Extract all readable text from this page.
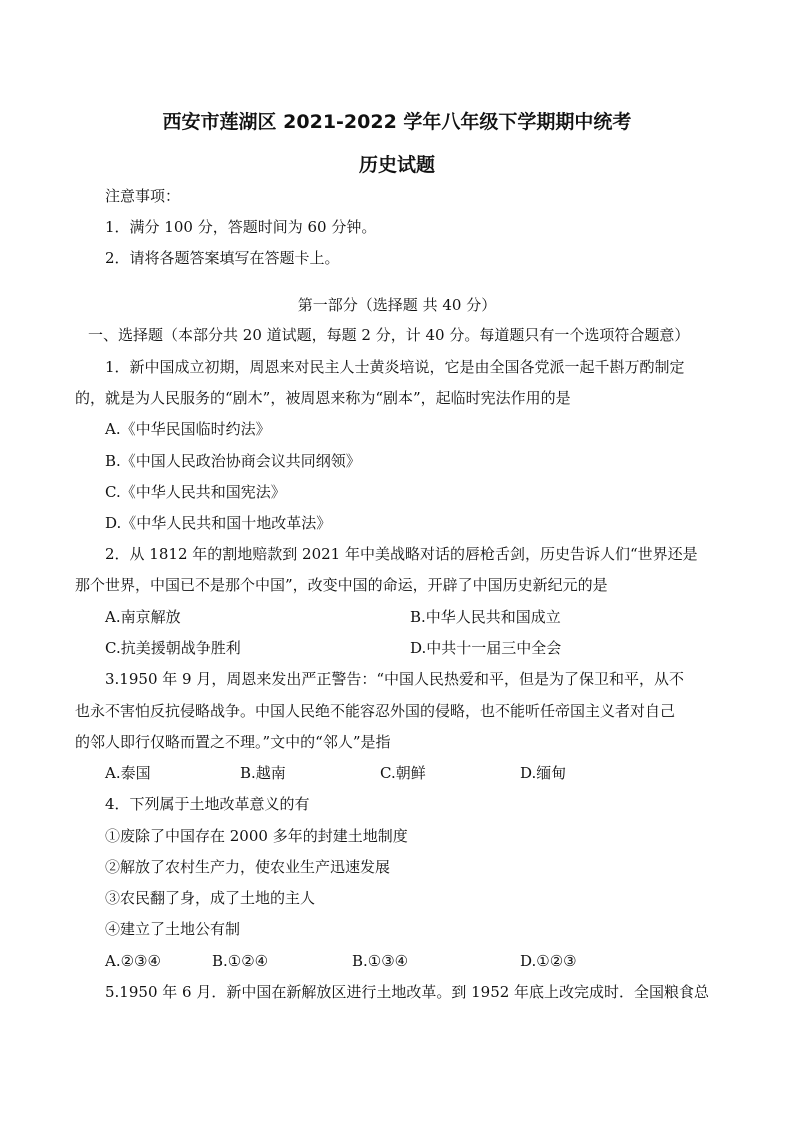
西安市莲湖区 2021-2022 学年八年级下学期期中统考
历史试题
注意事项：
1．满分 100 分，答题时间为 60 分钟。
2．请将各题答案填写在答题卡上。
第一部分（选择题 共 40 分）
一、选择题（本部分共 20 道试题，每题 2 分，计 40 分。每道题只有一个选项符合题意）
1．新中国成立初期，周恩来对民主人士黄炎培说，它是由全国各党派一起千斟万酌制定
的，就是为人民服务的“剧木”，被周恩来称为“剧本”，起临时宪法作用的是
A.《中华民国临时约法》
B.《中国人民政治协商会议共同纲领》
C.《中华人民共和国宪法》
D.《中华人民共和国十地改革法》
2．从 1812 年的割地赔款到 2021 年中美战略对话的唇枪舌剑，历史告诉人们“世界还是
那个世界，中国已不是那个中国”，改变中国的命运，开辟了中国历史新纪元的是
A.南京解放	B.中华人民共和国成立
C.抗美援朝战争胜利	D.中共十一届三中全会
3.1950 年 9 月，周恩来发出严正警告：“中国人民热爱和平，但是为了保卫和平，从不
也永不害怕反抗侵略战争。中国人民绝不能容忍外国的侵略，也不能听任帝国主义者对自己
的邻人即行仅略而置之不理。”文中的“邻人”是指
A.泰国	B.越南	C.朝鲜	D.缅甸
4．下列属于土地改革意义的有
①废除了中国存在 2000 多年的封建土地制度
②解放了农村生产力，使农业生产迅速发展
③农民翻了身，成了土地的主人
④建立了土地公有制
A.②③④	B.①②④	B.①③④	D.①②③
5.1950 年 6 月．新中国在新解放区进行土地改革。到 1952 年底上改完成时．全国粮食总
